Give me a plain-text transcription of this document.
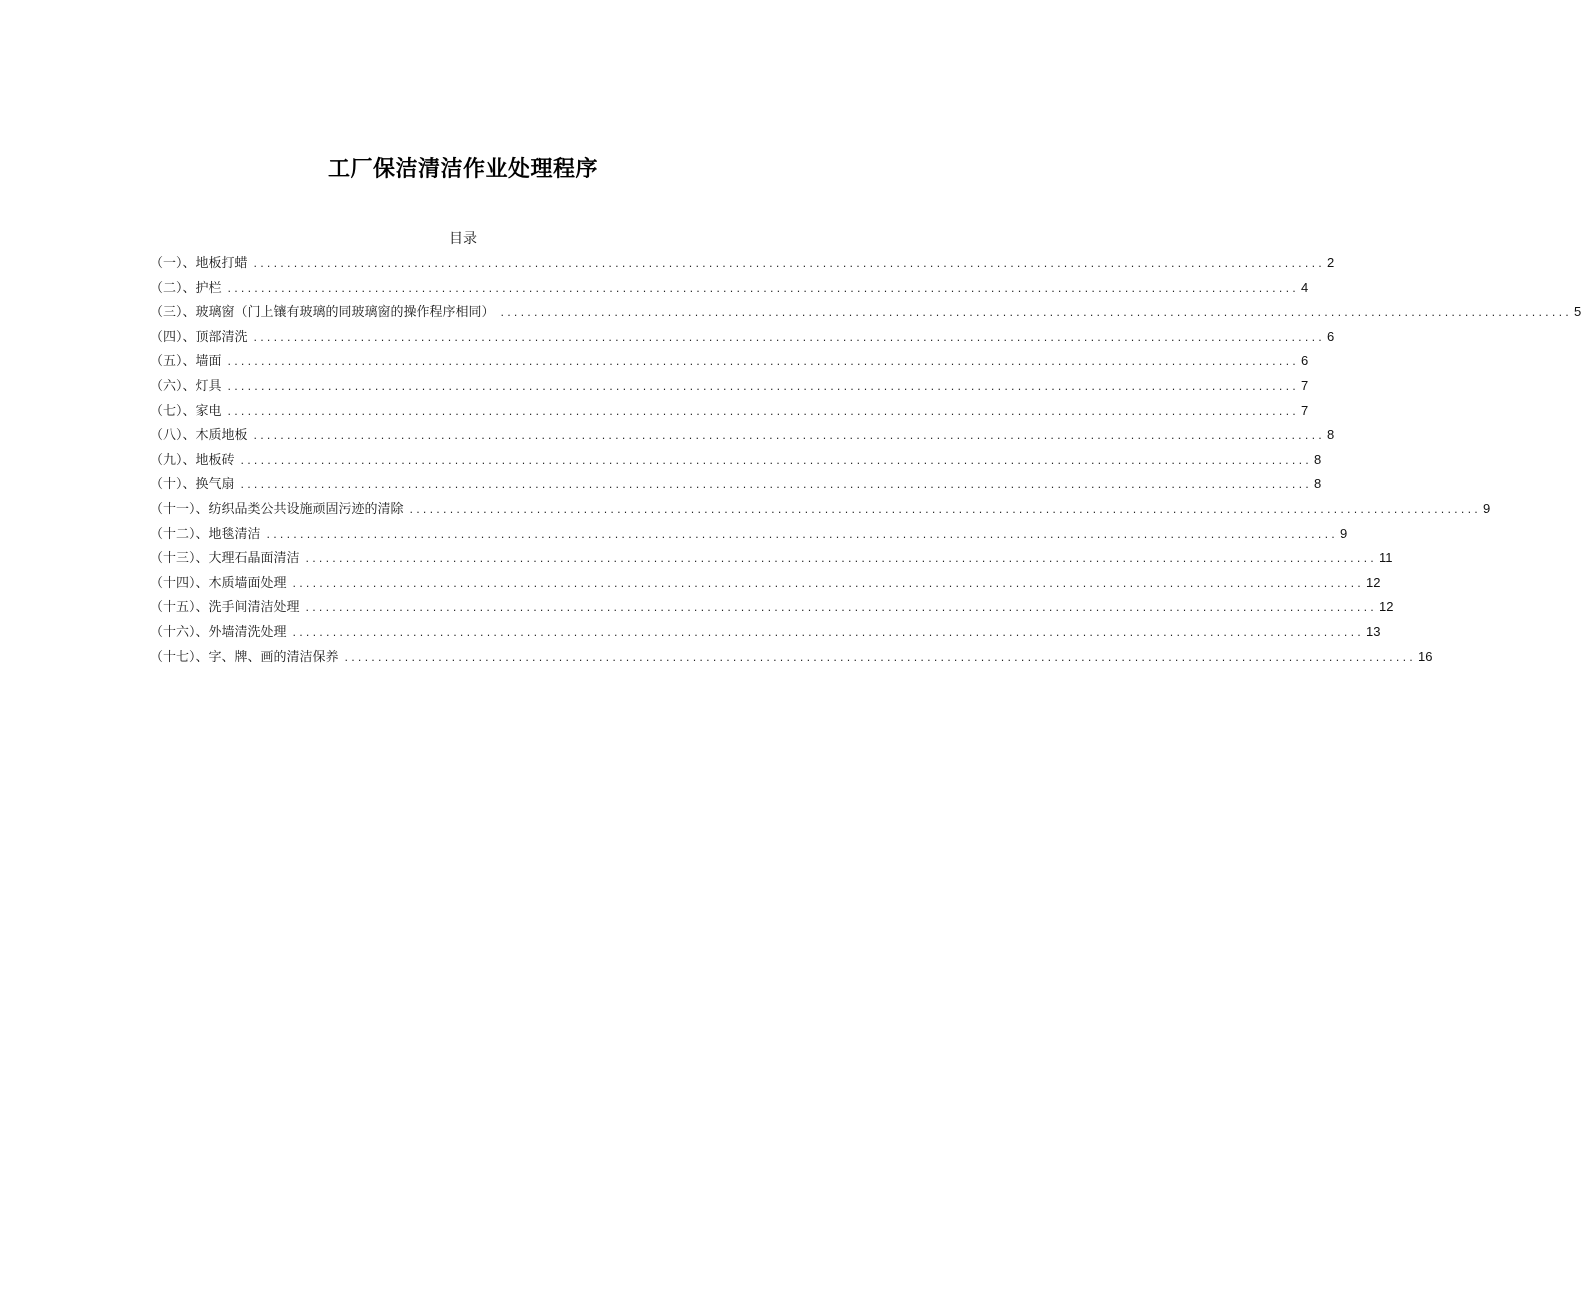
工厂保洁清洁作业处理程序
目录
（一）、地板打蜡 ................................................................................................................................................................ 2
（二）、护栏 ................................................................................................................................................................ 4
（三）、玻璃窗（门上镶有玻璃的同玻璃窗的操作程序相同） ................................................................................................................................................................ 5
（四）、顶部清洗 ................................................................................................................................................................ 6
（五）、墙面 ................................................................................................................................................................ 6
（六）、灯具 ................................................................................................................................................................ 7
（七）、家电 ................................................................................................................................................................ 7
（八）、木质地板 ................................................................................................................................................................ 8
（九）、地板砖 ................................................................................................................................................................ 8
（十）、换气扇 ................................................................................................................................................................ 8
（十一）、纺织品类公共设施顽固污迹的清除 ................................................................................................................................................................ 9
（十二）、地毯清洁 ................................................................................................................................................................ 9
（十三）、大理石晶面清洁 ................................................................................................................................................................ 11
（十四）、木质墙面处理 ................................................................................................................................................................ 12
（十五）、洗手间清洁处理 ................................................................................................................................................................ 12
（十六）、外墙清洗处理 ................................................................................................................................................................ 13
（十七）、字、牌、画的清洁保养 ................................................................................................................................................................ 16
